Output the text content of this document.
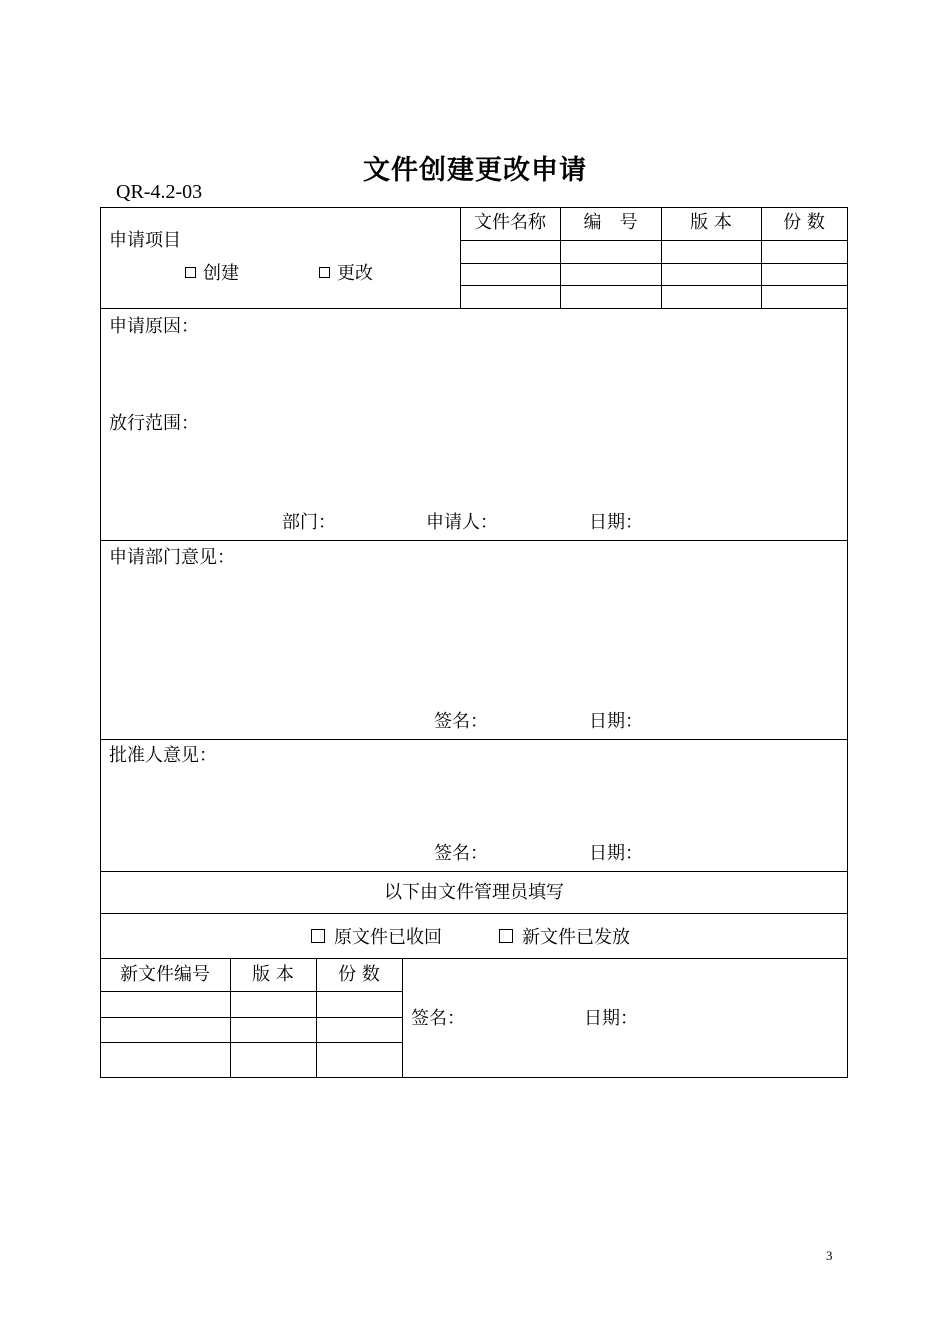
文件创建更改申请
QR-4.2-03
申请项目
创建	更改
文件名称	编　号	版 本	份 数
申请原因：
放行范围：
部门：	申请人：	日期：
申请部门意见：
签名：	日期：
批准人意见：
签名：	日期：
以下由文件管理员填写
原文件已收回	新文件已发放
新文件编号	版 本	份 数
签名：	日期：
3
